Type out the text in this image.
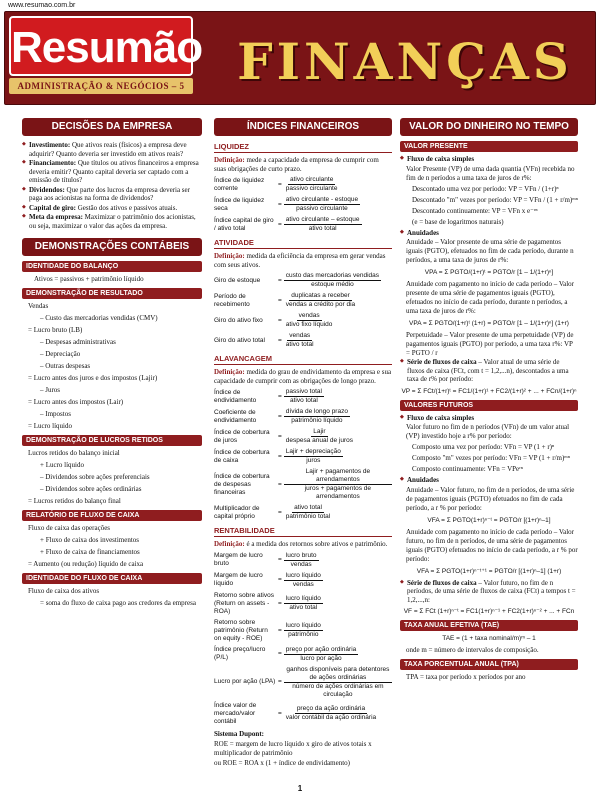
www.resumao.com.br
Resumão
ADMINISTRAÇÃO & NEGÓCIOS – 5 FINANÇAS
DECISÕES DA EMPRESA
◆ Investimento: Que ativos reais (físicos) a empresa deve adquirir? Quanto deveria ser investido em ativos reais?
◆ Financiamento: Que títulos ou ativos financeiros a empresa deveria emitir? Quanto capital deveria ser captado com a emissão de títulos?
◆ Dividendos: Que parte dos lucros da empresa deveria ser paga aos acionistas na forma de dividendos?
◆ Capital de giro: Gestão dos ativos e passivos atuais.
◆ Meta da empresa: Maximizar o patrimônio dos acionistas, ou seja, maximizar o valor das ações da empresa.
DEMONSTRAÇÕES CONTÁBEIS
IDENTIDADE DO BALANÇO
Ativos = passivos + patrimônio líquido
DEMONSTRAÇÃO DE RESULTADO
Vendas
– Custo das mercadorias vendidas (CMV)
= Lucro bruto (LB)
– Despesas administrativas
– Depreciação
– Outras despesas
= Lucro antes dos juros e dos impostos (Lajir)
– Juros
= Lucro antes dos impostos (Lair)
– Impostos
= Lucro líquido
DEMONSTRAÇÃO DE LUCROS RETIDOS
Lucros retidos do balanço inicial
+ Lucro líquido
– Dividendos sobre ações preferenciais
– Dividendos sobre ações ordinárias
= Lucros retidos do balanço final
RELATÓRIO DE FLUXO DE CAIXA
Fluxo de caixa das operações
+ Fluxo de caixa dos investimentos
+ Fluxo de caixa de financiamentos
= Aumento (ou redução) líquido de caixa
IDENTIDADE DO FLUXO DE CAIXA
Fluxo de caixa dos ativos
= soma do fluxo de caixa pago aos credores da empresa
ÍNDICES FINANCEIROS
LIQUIDEZ
Definição: mede a capacidade da empresa de cumprir com suas obrigações de curto prazo.
Índice de liquidez corrente
= $\frac{\text{ativo circulante}}{\text{passivo circulante}}$
Índice de liquidez seca
= $\frac{\text{ativo circulante - estoque}}{\text{passivo circulante}}$
Índice capital de giro / ativo total
= $\frac{\text{ativo circulante – estoque}}{\text{ativo total}}$
ATIVIDADE
Definição: medida da eficiência da empresa em gerar vendas com seus ativos.
Giro de estoque	= $\frac{\text{custo das mercadorias vendidas}}{\text{estoque médio}}$
Período de recebimento
= $\frac{\text{duplicatas a receber}}{\text{vendas a crédito por dia}}$
Giro do ativo fixo	= $\frac{\text{vendas}}{\text{ativo fixo líquido}}$
Giro do ativo total	= $\frac{\text{vendas}}{\text{ativo total}}$
ALAVANCAGEM
Definição: medida do grau de endividamento da empresa e sua capacidade de cumprir com as obrigações de longo prazo.
Índice de endividamento
= $\frac{\text{passivo total}}{\text{ativo total}}$
Coeficiente de endividamento
= $\frac{\text{dívida de longo prazo}}{\text{patrimônio líquido}}$
Índice de cobertura de juros
= $\frac{\text{Lajir}}{\text{despesa anual de juros}}$
Índice de cobertura de caixa
= $\frac{\text{Lajir + depreciação}}{\text{juros}}$
Índice de cobertura de despesas financeiras
= $\frac{\text{Lajir + pagamentos de arrendamentos}}{\text{juros + pagamentos de arrendamentos}}$
Multiplicador de capital próprio
= $\frac{\text{ativo total}}{\text{patrimônio total}}$
RENTABILIDADE
Definição: é a medida dos retornos sobre ativos e patrimônio.
Margem de lucro bruto
= $\frac{\text{lucro bruto}}{\text{vendas}}$
Margem de lucro líquido
= $\frac{\text{lucro líquido}}{\text{vendas}}$
Retorno sobre ativos (Return on assets - ROA)
= $\frac{\text{lucro líquido}}{\text{ativo total}}$
Retorno sobre patrimônio (Return on equity - ROE)
= $\frac{\text{lucro líquido}}{\text{patrimônio}}$
Índice preço/lucro (P/L)
= $\frac{\text{preço por ação ordinária}}{\text{lucro por ação}}$
Lucro por ação $(LPA) = \frac{\text{ganhos disponíveis para detentores de ações ordinárias}}{\text{número de ações ordinárias em circulação}}$
Índice valor de mercado/valor contábil
= $\frac{\text{preço da ação ordinária}}{\text{valor contábil da ação ordinária}}$
Sistema Dupont:
ROE = margem de lucro líquido x giro de ativos totais x multiplicador de patrimônio
ou ROE = ROA x (1 + índice de endividamento)
VALOR DO DINHEIRO NO TEMPO
VALOR PRESENTE
◆ Fluxo de caixa simples
Valor Presente (VP) de uma dada quantia (VFn) recebida no fim de n períodos a uma taxa de juros de r%:
Descontado uma vez por período: VP = VFn / (1+r)ⁿ
Descontado "m" vezes por período: VP = VFn / (1 + r/m)ᵐⁿ
Descontado continuamente: VP = VFn x e⁻ʳⁿ
(e = base de logaritmos naturais)
◆ Anuidades
Anuidade – Valor presente de uma série de pagamentos iguais (PGTO), efetuados no fim de cada período, durante n períodos, a uma taxa de juros de r%:
VPA = Σ PGTO/(1+r)ᵗ = PGTO/r [1 – 1/(1+r)ⁿ]
Anuidade com pagamento no início de cada período – Valor presente de uma série de pagamentos iguais (PGTO), efetuados no início de cada período, durante n períodos, a uma taxa de juros de r%:
VPA = Σ PGTO/(1+r)ᵗ (1+r) = PGTO/r [1 – 1/(1+r)ⁿ] (1+r)
Perpetuidade – Valor presente de uma perpetuidade (VP) de pagamentos iguais (PGTO) por período, a uma taxa r%: VP = PGTO / r
◆ Série de fluxos de caixa – Valor atual de uma série de fluxos de caixa (FCt, com t = 1,2,...n), descontados a uma taxa de r% por período:
VP = Σ FCt/(1+r)ᵗ = FC1/(1+r)¹ + FC2/(1+r)² + ... + FCn/(1+r)ⁿ
VALORES FUTUROS
◆ Fluxo de caixa simples
Valor futuro no fim de n períodos (VFn) de um valor atual (VP) investido hoje a r% por período:
Composto uma vez por período: VFn = VP (1 + r)ⁿ
Composto "m" vezes por período: VFn = VP (1 + r/m)ᵐⁿ
Composto continuamente: VFn = VPeʳⁿ
◆ Anuidades
Anuidade – Valor futuro, no fim de n períodos, de uma série de pagamentos iguais (PGTO) efetuados no fim de cada período, a r % por período:
VFA = Σ PGTO(1+r)ⁿ⁻ᵗ = PGTO/r [(1+r)ⁿ–1]
Anuidade com pagamento no início de cada período – Valor futuro, no fim de n períodos, de uma série de pagamentos iguais (PGTO) efetuados no início de cada período, a r % por período:
VFA = Σ PGTO(1+r)ⁿ⁻ᵗ⁺¹ = PGTO/r [(1+r)ⁿ–1] (1+r)
◆ Série de fluxos de caixa – Valor futuro, no fim de n períodos, de uma série de fluxos de caixa (FCt) a tempos t = 1,2,...,n:
VF = Σ FCt (1+r)ⁿ⁻ᵗ = FC1(1+r)ⁿ⁻¹ + FC2(1+r)ⁿ⁻² + ... + FCn
TAXA ANUAL EFETIVA (TAE)
TAE = (1 + taxa nominal/m)ᵐ – 1
onde m = número de intervalos de composição.
TAXA PORCENTUAL ANUAL (TPA)
TPA = taxa por período x períodos por ano
1
